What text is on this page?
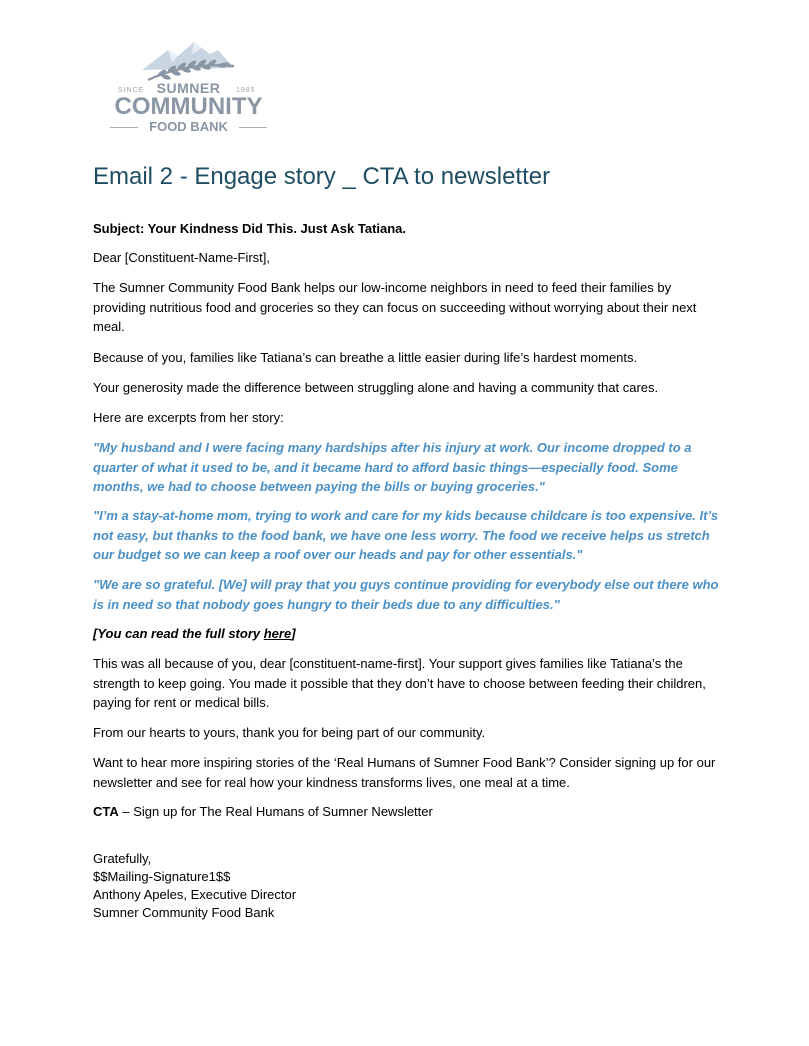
SINCE	1985
SUMNER
COMMUNITY
FOOD BANK
Email 2 - Engage story _ CTA to newsletter
Subject: Your Kindness Did This. Just Ask Tatiana.
Dear [Constituent-Name-First],
The Sumner Community Food Bank helps our low-income neighbors in need to feed their families by providing nutritious food and groceries so they can focus on succeeding without worrying about their next meal.
Because of you, families like Tatiana’s can breathe a little easier during life’s hardest moments.
Your generosity made the difference between struggling alone and having a community that cares.
Here are excerpts from her story:
"My husband and I were facing many hardships after his injury at work. Our income dropped to a quarter of what it used to be, and it became hard to afford basic things—especially food. Some months, we had to choose between paying the bills or buying groceries."
"I’m a stay-at-home mom, trying to work and care for my kids because childcare is too expensive. It’s not easy, but thanks to the food bank, we have one less worry. The food we receive helps us stretch our budget so we can keep a roof over our heads and pay for other essentials."
"We are so grateful. [We] will pray that you guys continue providing for everybody else out there who is in need so that nobody goes hungry to their beds due to any difficulties."
[You can read the full story here]
This was all because of you, dear [constituent-name-first]. Your support gives families like Tatiana’s the strength to keep going. You made it possible that they don’t have to choose between feeding their children, paying for rent or medical bills.
From our hearts to yours, thank you for being part of our community.
Want to hear more inspiring stories of the ‘Real Humans of Sumner Food Bank’? Consider signing up for our newsletter and see for real how your kindness transforms lives, one meal at a time.
CTA – Sign up for The Real Humans of Sumner Newsletter
Gratefully,
$$Mailing-Signature1$$
Anthony Apeles, Executive Director
Sumner Community Food Bank
